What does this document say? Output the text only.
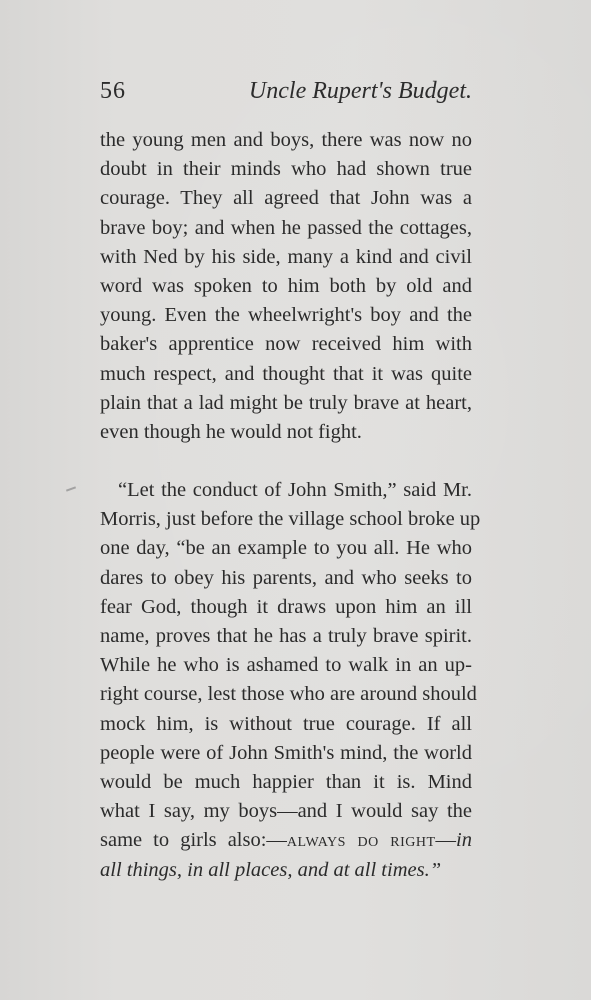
56	Uncle Rupert's Budget.
the young men and boys, there was now no
doubt in their minds who had shown true
courage. They all agreed that John was a
brave boy; and when he passed the cottages,
with Ned by his side, many a kind and civil
word was spoken to him both by old and
young. Even the wheelwright's boy and the
baker's apprentice now received him with
much respect, and thought that it was quite
plain that a lad might be truly brave at heart,
even though he would not fight.
“Let the conduct of John Smith,” said Mr.
Morris, just before the village school broke up
one day, “be an example to you all. He who
dares to obey his parents, and who seeks to
fear God, though it draws upon him an ill
name, proves that he has a truly brave spirit.
While he who is ashamed to walk in an up-
right course, lest those who are around should
mock him, is without true courage. If all
people were of John Smith's mind, the world
would be much happier than it is. Mind
what I say, my boys—and I would say the
same to girls also:—always do right—in
all things, in all places, and at all times.”
